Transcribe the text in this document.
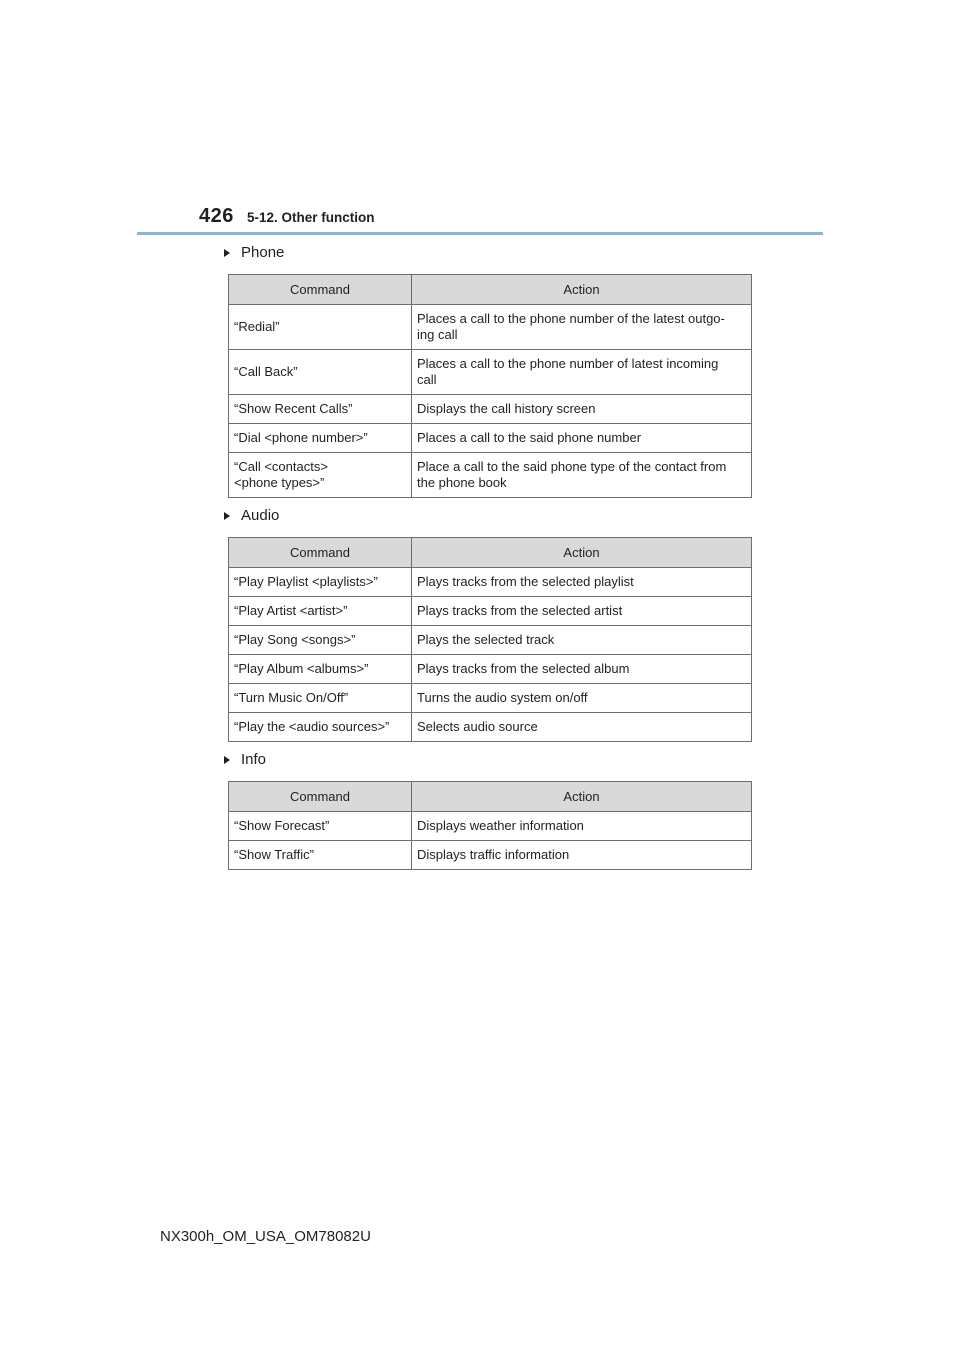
426 5-12. Other function
Phone
Command	Action
“Redial”	Places a call to the phone number of the latest outgo-
ing call
“Call Back”	Places a call to the phone number of latest incoming
call
“Show Recent Calls”	Displays the call history screen
“Dial <phone number>”	Places a call to the said phone number
“Call <contacts>
<phone types>”	Place a call to the said phone type of the contact from
the phone book
Audio
Command	Action
“Play Playlist <playlists>”	Plays tracks from the selected playlist
“Play Artist <artist>”	Plays tracks from the selected artist
“Play Song <songs>”	Plays the selected track
“Play Album <albums>”	Plays tracks from the selected album
“Turn Music On/Off”	Turns the audio system on/off
“Play the <audio sources>”	Selects audio source
Info
Command	Action
“Show Forecast”	Displays weather information
“Show Traffic”	Displays traffic information
NX300h_OM_USA_OM78082U
